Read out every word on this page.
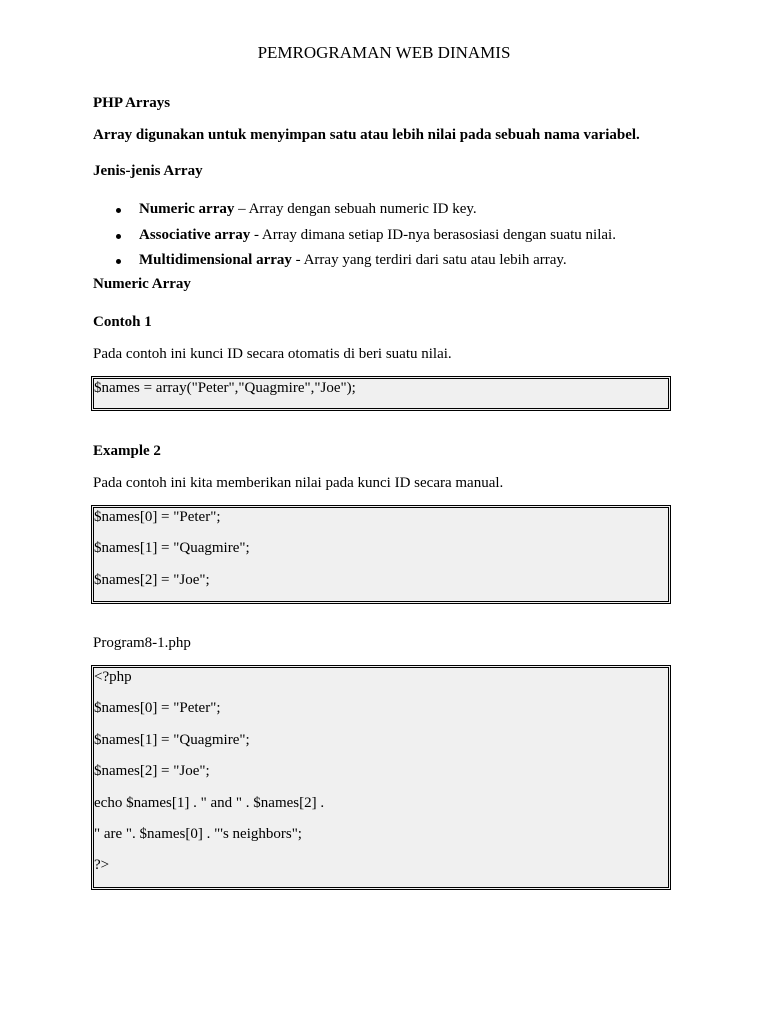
PEMROGRAMAN WEB DINAMIS
PHP Arrays
Array digunakan untuk menyimpan satu atau lebih nilai pada sebuah nama variabel.
Jenis-jenis Array
Numeric array – Array dengan sebuah numeric ID key.
Associative array - Array dimana setiap ID-nya berasosiasi dengan suatu nilai.
Multidimensional array - Array yang terdiri dari satu atau lebih array.
Numeric Array
Contoh 1
Pada contoh ini kunci ID secara otomatis di beri suatu nilai.
$names = array("Peter","Quagmire","Joe");
Example 2
Pada contoh ini kita memberikan nilai pada kunci ID secara manual.
$names[0] = "Peter";
$names[1] = "Quagmire";
$names[2] = "Joe";
Program8-1.php
<?php
$names[0] = "Peter";
$names[1] = "Quagmire";
$names[2] = "Joe";
echo $names[1] . " and " . $names[2] .
" are ". $names[0] . "'s neighbors";
?>
